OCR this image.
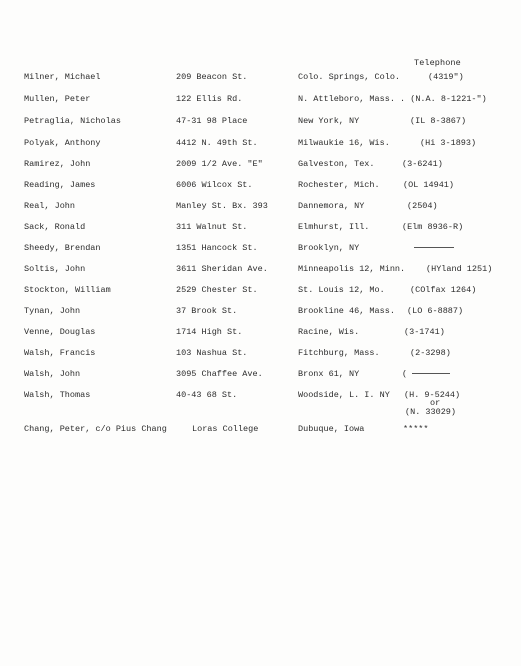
Telephone
Milner, Michael	209 Beacon St.	Colo. Springs, Colo.	(4319")
Mullen, Peter	122 Ellis Rd.	N. Attleboro, Mass. . (N.A. 8-1221-")
Petraglia, Nicholas	47-31 98 Place	New York, NY	(IL 8-3867)
Polyak, Anthony	4412 N. 49th St.	Milwaukie 16, Wis.	(Hi 3-1893)
Ramirez, John	2009 1/2 Ave. "E"	Galveston, Tex.	(3-6241)
Reading, James	6006 Wilcox St.	Rochester, Mich.	(OL 14941)
Real, John	Manley St. Bx. 393	Dannemora, NY	(2504)
Sack, Ronald	311 Walnut St.	Elmhurst, Ill.	(Elm 8936-R)
Sheedy, Brendan	1351 Hancock St.	Brooklyn, NY
Soltis, John	3611 Sheridan Ave.	Minneapolis 12, Minn. (HYland 1251)
Stockton, William	2529 Chester St.	St. Louis 12, Mo.	(COlfax 1264)
Tynan, John	37 Brook St.	Brookline 46, Mass. (LO 6-8887)
Venne, Douglas	1714 High St.	Racine, Wis.	(3-1741)
Walsh, Francis	103 Nashua St.	Fitchburg, Mass.	(2-3298)
Walsh, John	3095 Chaffee Ave.	Bronx 61, NY	(
Walsh, Thomas	40-43 68 St.	Woodside, L. I. NY (H. 9-5244)
or
(N. 33029)
Chang, Peter, c/o Pius Chang	Loras College	Dubuque, Iowa	*****
